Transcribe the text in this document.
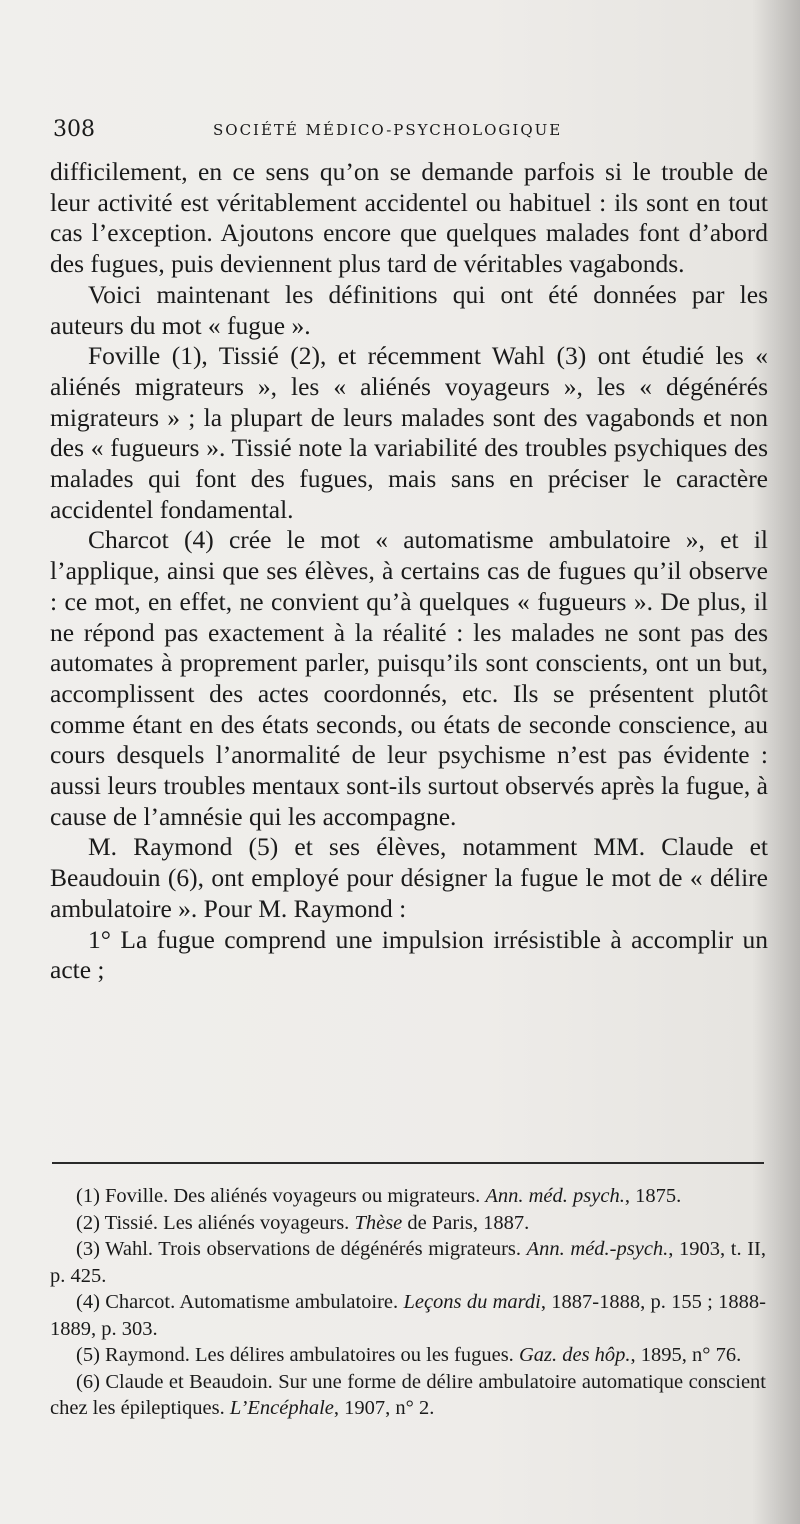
308	SOCIÉTÉ MÉDICO-PSYCHOLOGIQUE

difficilement, en ce sens qu’on se demande parfois si le trouble de leur activité est véritablement accidentel ou habituel : ils sont en tout cas l’exception. Ajoutons encore que quelques malades font d’abord des fugues, puis deviennent plus tard de véritables vagabonds.

Voici maintenant les définitions qui ont été données par les auteurs du mot « fugue ».

Foville (1), Tissié (2), et récemment Wahl (3) ont étudié les « aliénés migrateurs », les « aliénés voyageurs », les « dégénérés migrateurs » ; la plupart de leurs malades sont des vagabonds et non des « fugueurs ». Tissié note la variabilité des troubles psychiques des malades qui font des fugues, mais sans en préciser le caractère accidentel fondamental.

Charcot (4) crée le mot « automatisme ambulatoire », et il l’applique, ainsi que ses élèves, à certains cas de fugues qu’il observe : ce mot, en effet, ne convient qu’à quelques « fugueurs ». De plus, il ne répond pas exactement à la réalité : les malades ne sont pas des automates à proprement parler, puisqu’ils sont conscients, ont un but, accomplissent des actes coordonnés, etc. Ils se présentent plutôt comme étant en des états seconds, ou états de seconde conscience, au cours desquels l’anormalité de leur psychisme n’est pas évidente : aussi leurs troubles mentaux sont-ils surtout observés après la fugue, à cause de l’amnésie qui les accompagne.

M. Raymond (5) et ses élèves, notamment MM. Claude et Beaudouin (6), ont employé pour désigner la fugue le mot de « délire ambulatoire ». Pour M. Raymond :

1° La fugue comprend une impulsion irrésistible à accomplir un acte ;

(1) Foville. Des aliénés voyageurs ou migrateurs. Ann. méd. psych., 1875.

(2) Tissié. Les aliénés voyageurs. Thèse de Paris, 1887.

(3) Wahl. Trois observations de dégénérés migrateurs. Ann. méd.-psych., 1903, t. II, p. 425.

(4) Charcot. Automatisme ambulatoire. Leçons du mardi, 1887-1888, p. 155 ; 1888-1889, p. 303.

(5) Raymond. Les délires ambulatoires ou les fugues. Gaz. des hôp., 1895, n° 76.

(6) Claude et Beaudoin. Sur une forme de délire ambulatoire automatique conscient chez les épileptiques. L’Encéphale, 1907, n° 2.
